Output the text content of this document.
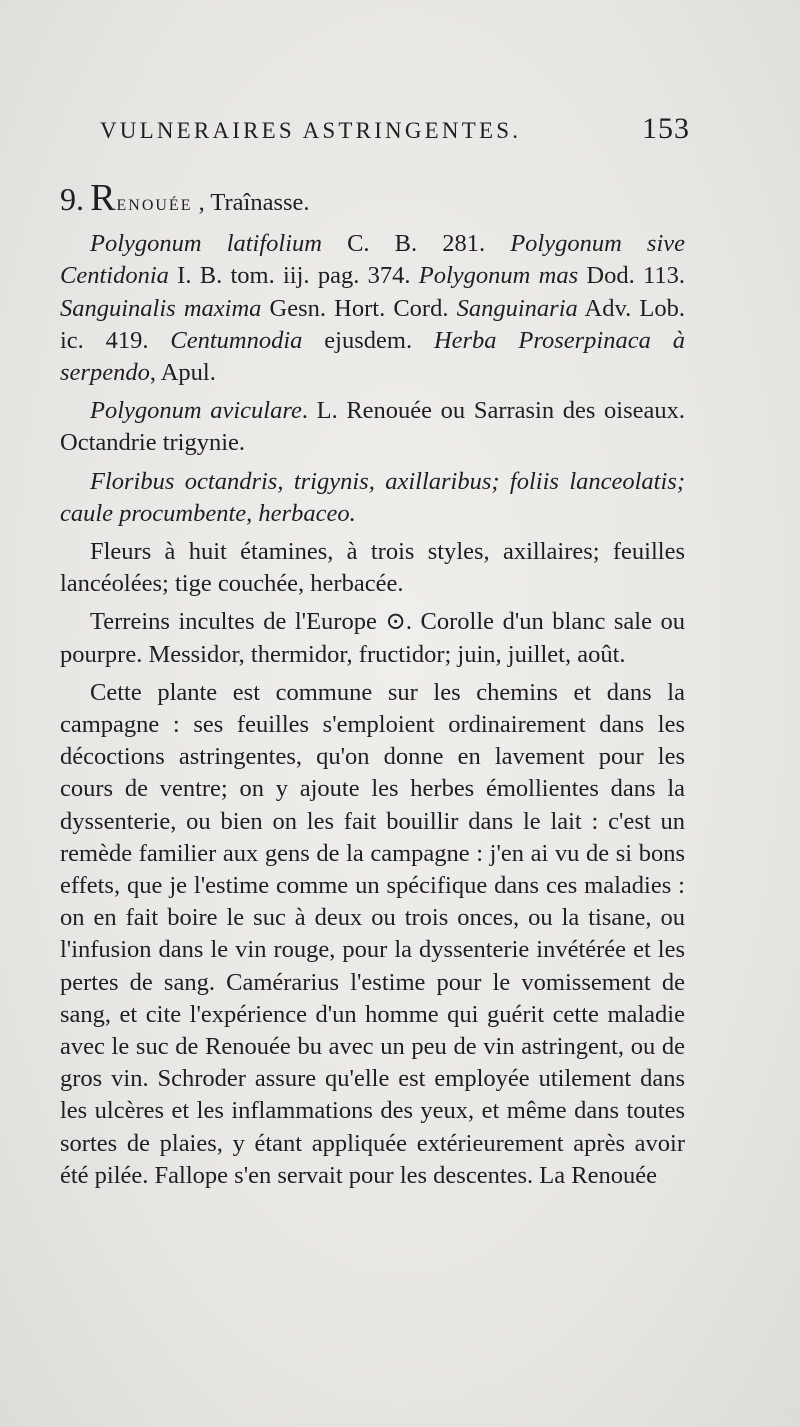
VULNERAIRES ASTRINGENTES.	153

9. RENOUÉE , Traînasse.

Polygonum latifolium C. B. 281. Polygonum sive Centidonia I. B. tom. iij. pag. 374. Polygonum mas Dod. 113. Sanguinalis maxima Gesn. Hort. Cord. Sanguinaria Adv. Lob. ic. 419. Centumnodia ejusdem. Herba Proserpinaca à serpendo, Apul.

Polygonum aviculare. L. Renouée ou Sarrasin des oiseaux. Octandrie trigynie.

Floribus octandris, trigynis, axillaribus; foliis lanceolatis; caule procumbente, herbaceo.

Fleurs à huit étamines, à trois styles, axillaires; feuilles lancéolées; tige couchée, herbacée.

Terreins incultes de l'Europe ⊙. Corolle d'un blanc sale ou pourpre. Messidor, thermidor, fructidor; juin, juillet, août.

Cette plante est commune sur les chemins et dans la campagne : ses feuilles s'emploient ordinairement dans les décoctions astringentes, qu'on donne en lavement pour les cours de ventre; on y ajoute les herbes émollientes dans la dyssenterie, ou bien on les fait bouillir dans le lait : c'est un remède familier aux gens de la campagne : j'en ai vu de si bons effets, que je l'estime comme un spécifique dans ces maladies : on en fait boire le suc à deux ou trois onces, ou la tisane, ou l'infusion dans le vin rouge, pour la dyssenterie invétérée et les pertes de sang. Camérarius l'estime pour le vomissement de sang, et cite l'expérience d'un homme qui guérit cette maladie avec le suc de Renouée bu avec un peu de vin astringent, ou de gros vin. Schroder assure qu'elle est employée utilement dans les ulcères et les inflammations des yeux, et même dans toutes sortes de plaies, y étant appliquée extérieurement après avoir été pilée. Fallope s'en servait pour les descentes. La Renouée
